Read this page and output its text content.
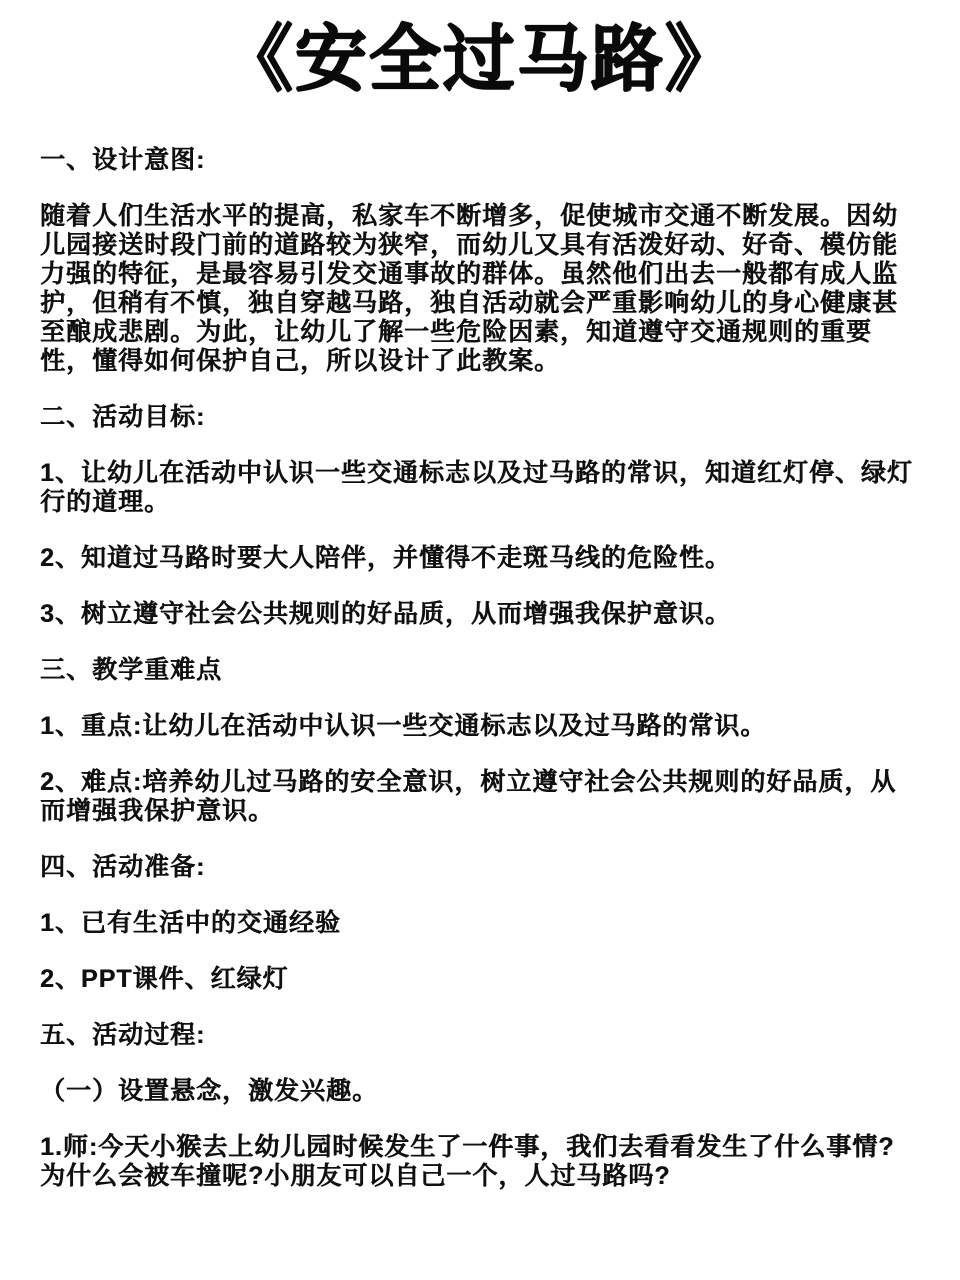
《安全过马路》

一、设计意图:

随着人们生活水平的提高，私家车不断增多，促使城市交通不断发展。因幼儿园接送时段门前的道路较为狭窄，而幼儿又具有活泼好动、好奇、模仿能力强的特征，是最容易引发交通事故的群体。虽然他们出去一般都有成人监护，但稍有不慎，独自穿越马路，独自活动就会严重影响幼儿的身心健康甚至酿成悲剧。为此，让幼儿了解一些危险因素，知道遵守交通规则的重要性，懂得如何保护自己，所以设计了此教案。

二、活动目标:

1、让幼儿在活动中认识一些交通标志以及过马路的常识，知道红灯停、绿灯行的道理。

2、知道过马路时要大人陪伴，并懂得不走斑马线的危险性。

3、树立遵守社会公共规则的好品质，从而增强我保护意识。

三、教学重难点

1、重点:让幼儿在活动中认识一些交通标志以及过马路的常识。

2、难点:培养幼儿过马路的安全意识，树立遵守社会公共规则的好品质，从而增强我保护意识。

四、活动准备:

1、已有生活中的交通经验

2、PPT课件、红绿灯

五、活动过程:

（一）设置悬念，激发兴趣。

1.师:今天小猴去上幼儿园时候发生了一件事，我们去看看发生了什么事情?为什么会被车撞呢?小朋友可以自己一个，人过马路吗?
